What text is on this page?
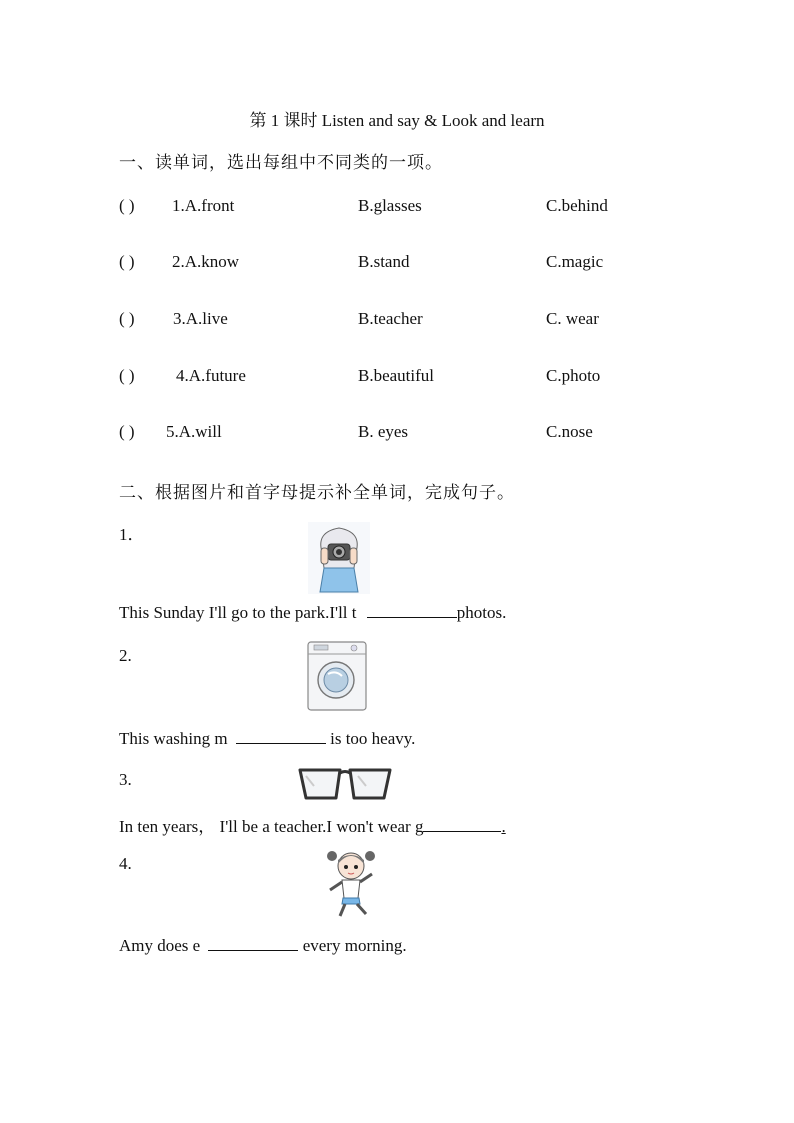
第 1 课时 Listen and say & Look and learn
一、读单词，选出每组中不同类的一项。
( ) 1.A.front	B.glasses	C.behind
( ) 2.A.know	B.stand	C.magic
( ) 3.A.live	B.teacher	C. wear
( ) 4.A.future	B.beautiful	C.photo
( ) 5.A.will	B. eyes	C.nose
二、根据图片和首字母提示补全单词，完成句子。
1．
This Sunday I'll go to the park.I'll t	photos.
2.
This washing m	is too heavy.
3.
In ten years， I'll be a teacher.I won't wear g	.
4.
Amy does e	every morning.
